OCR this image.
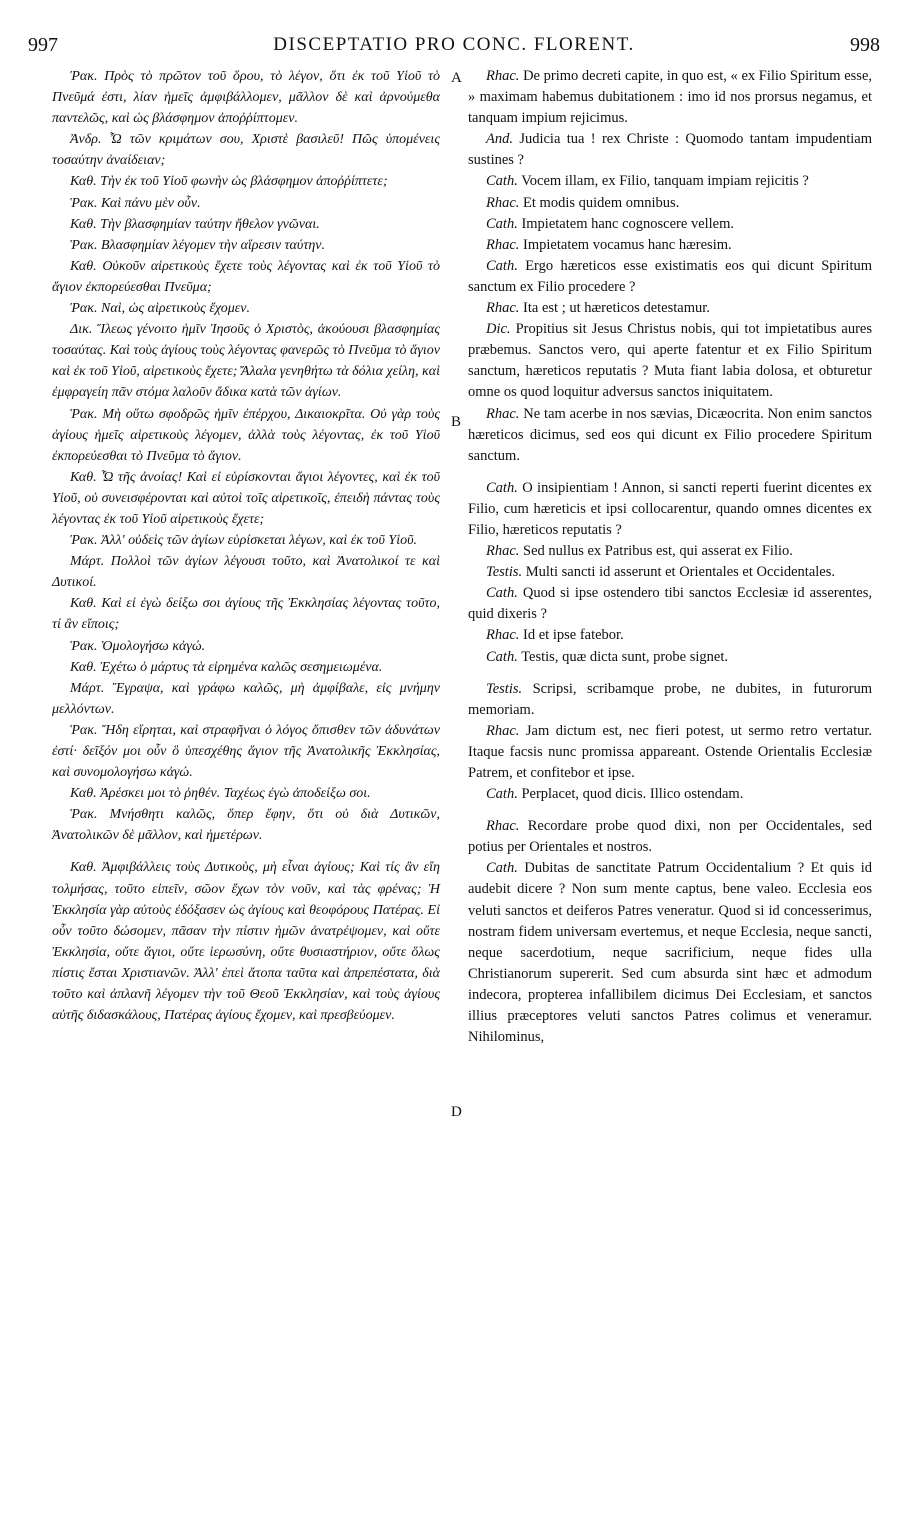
997	DISCEPTATIO PRO CONC. FLORENT.	998
A
B
D

Ῥακ. Πρὸς τὸ πρῶτον τοῦ ὅρου, τὸ λέγον, ὅτι ἐκ τοῦ Υἱοῦ τὸ Πνεῦμά ἐστι, λίαν ἡμεῖς ἀμφιβάλλομεν, μᾶλλον δὲ καὶ ἀρνούμεθα παντελῶς, καὶ ὡς βλάσφημον ἀποῤῥίπτομεν.

Ἀνδρ. Ὦ τῶν κριμάτων σου, Χριστὲ βασιλεῦ! Πῶς ὑπομένεις τοσαύτην ἀναίδειαν;

Καθ. Τὴν ἐκ τοῦ Υἱοῦ φωνὴν ὡς βλάσφημον ἀποῤῥίπτετε;

Ῥακ. Καὶ πάνυ μὲν οὖν.

Καθ. Τὴν βλασφημίαν ταύτην ἤθελον γνῶναι.

Ῥακ. Βλασφημίαν λέγομεν τὴν αἵρεσιν ταύτην.

Καθ. Οὐκοῦν αἱρετικοὺς ἔχετε τοὺς λέγοντας καὶ ἐκ τοῦ Υἱοῦ τὸ ἅγιον ἐκπορεύεσθαι Πνεῦμα;

Ῥακ. Ναὶ, ὡς αἱρετικοὺς ἔχομεν.

Δικ. Ἵλεως γένοιτο ἡμῖν Ἰησοῦς ὁ Χριστὸς, ἀκούουσι βλασφημίας τοσαύτας. Καὶ τοὺς ἁγίους τοὺς λέγοντας φανερῶς τὸ Πνεῦμα τὸ ἅγιον καὶ ἐκ τοῦ Υἱοῦ, αἱρετικοὺς ἔχετε; Ἄλαλα γενηθήτω τὰ δόλια χείλη, καὶ ἐμφραγείη πᾶν στόμα λαλοῦν ἄδικα κατὰ τῶν ἁγίων.

Ῥακ. Μὴ οὕτω σφοδρῶς ἡμῖν ἐπέρχου, Δικαιοκρῖτα. Οὐ γὰρ τοὺς ἁγίους ἡμεῖς αἱρετικοὺς λέγομεν, ἀλλὰ τοὺς λέγοντας, ἐκ τοῦ Υἱοῦ ἐκπορεύεσθαι τὸ Πνεῦμα τὸ ἅγιον.

Καθ. Ὦ τῆς ἀνοίας! Καὶ εἰ εὑρίσκονται ἅγιοι λέγοντες, καὶ ἐκ τοῦ Υἱοῦ, οὐ συνεισφέρονται καὶ αὐτοὶ τοῖς αἱρετικοῖς, ἐπειδὴ πάντας τοὺς λέγοντας ἐκ τοῦ Υἱοῦ αἱρετικοὺς ἔχετε;

Ῥακ. Ἀλλ' οὐδεὶς τῶν ἁγίων εὑρίσκεται λέγων, καὶ ἐκ τοῦ Υἱοῦ.

Μάρτ. Πολλοὶ τῶν ἁγίων λέγουσι τοῦτο, καὶ Ἀνατολικοί τε καὶ Δυτικοί.

Καθ. Καὶ εἰ ἐγὼ δείξω σοι ἁγίους τῆς Ἐκκλησίας λέγοντας τοῦτο, τί ἂν εἴποις;

Ῥακ. Ὁμολογήσω κἀγώ.

Καθ. Ἐχέτω ὁ μάρτυς τὰ εἰρημένα καλῶς σεσημειωμένα.

Μάρτ. Ἔγραψα, καὶ γράφω καλῶς, μὴ ἀμφίβαλε, εἰς μνήμην μελλόντων.

Ῥακ. Ἤδη εἴρηται, καὶ στραφῆναι ὁ λόγος ὄπισθεν τῶν ἀδυνάτων ἐστί· δεῖξόν μοι οὖν ὃ ὑπεσχέθης ἅγιον τῆς Ἀνατολικῆς Ἐκκλησίας, καὶ συνομολογήσω κἀγώ.

Καθ. Ἀρέσκει μοι τὸ ῥηθέν. Ταχέως ἐγὼ ἀποδείξω σοι.

Ῥακ. Μνήσθητι καλῶς, ὅπερ ἔφην, ὅτι οὐ διὰ Δυτικῶν, Ἀνατολικῶν δὲ μᾶλλον, καὶ ἡμετέρων.

Καθ. Ἀμφιβάλλεις τοὺς Δυτικοὺς, μὴ εἶναι ἁγίους; Καὶ τίς ἂν εἴη τολμήσας, τοῦτο εἰπεῖν, σῶον ἔχων τὸν νοῦν, καὶ τὰς φρένας; Ἡ Ἐκκλησία γὰρ αὐτοὺς ἐδόξασεν ὡς ἁγίους καὶ θεοφόρους Πατέρας. Εἰ οὖν τοῦτο δώσομεν, πᾶσαν τὴν πίστιν ἡμῶν ἀνατρέψομεν, καὶ οὔτε Ἐκκλησία, οὔτε ἅγιοι, οὔτε ἱερωσύνη, οὔτε θυσιαστήριον, οὔτε ὅλως πίστις ἔσται Χριστιανῶν. Ἀλλ' ἐπεὶ ἄτοπα ταῦτα καὶ ἀπρεπέστατα, διὰ τοῦτο καὶ ἀπλανῆ λέγομεν τὴν τοῦ Θεοῦ Ἐκκλησίαν, καὶ τοὺς ἁγίους αὐτῆς διδασκάλους, Πατέρας ἁγίους ἔχομεν, καὶ πρεσβεύομεν.

Rhac. De primo decreti capite, in quo est, « ex Filio Spiritum esse, » maximam habemus dubitationem : imo id nos prorsus negamus, et tanquam impium rejicimus.

And. Judicia tua ! rex Christe : Quomodo tantam impudentiam sustines ?

Cath. Vocem illam, ex Filio, tanquam impiam rejicitis ?

Rhac. Et modis quidem omnibus.

Cath. Impietatem hanc cognoscere vellem.

Rhac. Impietatem vocamus hanc hæresim.

Cath. Ergo hæreticos esse existimatis eos qui dicunt Spiritum sanctum ex Filio procedere ?

Rhac. Ita est ; ut hæreticos detestamur.

Dic. Propitius sit Jesus Christus nobis, qui tot impietatibus aures præbemus. Sanctos vero, qui aperte fatentur et ex Filio Spiritum sanctum, hæreticos reputatis ? Muta fiant labia dolosa, et obturetur omne os quod loquitur adversus sanctos iniquitatem.

Rhac. Ne tam acerbe in nos sævias, Dicæocrita. Non enim sanctos hæreticos dicimus, sed eos qui dicunt ex Filio procedere Spiritum sanctum.

Cath. O insipientiam ! Annon, si sancti reperti fuerint dicentes ex Filio, cum hæreticis et ipsi collocarentur, quando omnes dicentes ex Filio, hæreticos reputatis ?

Rhac. Sed nullus ex Patribus est, qui asserat ex Filio.

Testis. Multi sancti id asserunt et Orientales et Occidentales.

Cath. Quod si ipse ostendero tibi sanctos Ecclesiæ id asserentes, quid dixeris ?

Rhac. Id et ipse fatebor.

Cath. Testis, quæ dicta sunt, probe signet.

Testis. Scripsi, scribamque probe, ne dubites, in futurorum memoriam.

Rhac. Jam dictum est, nec fieri potest, ut sermo retro vertatur. Itaque facsis nunc promissa appareant. Ostende Orientalis Ecclesiæ Patrem, et confitebor et ipse.

Cath. Perplacet, quod dicis. Illico ostendam.

Rhac. Recordare probe quod dixi, non per Occidentales, sed potius per Orientales et nostros.

Cath. Dubitas de sanctitate Patrum Occidentalium ? Et quis id audebit dicere ? Non sum mente captus, bene valeo. Ecclesia eos veluti sanctos et deiferos Patres veneratur. Quod si id concesserimus, nostram fidem universam evertemus, et neque Ecclesia, neque sancti, neque sacerdotium, neque sacrificium, neque fides ulla Christianorum supererit. Sed cum absurda sint hæc et admodum indecora, propterea infallibilem dicimus Dei Ecclesiam, et sanctos illius præceptores veluti sanctos Patres colimus et veneramur. Nihilominus,
